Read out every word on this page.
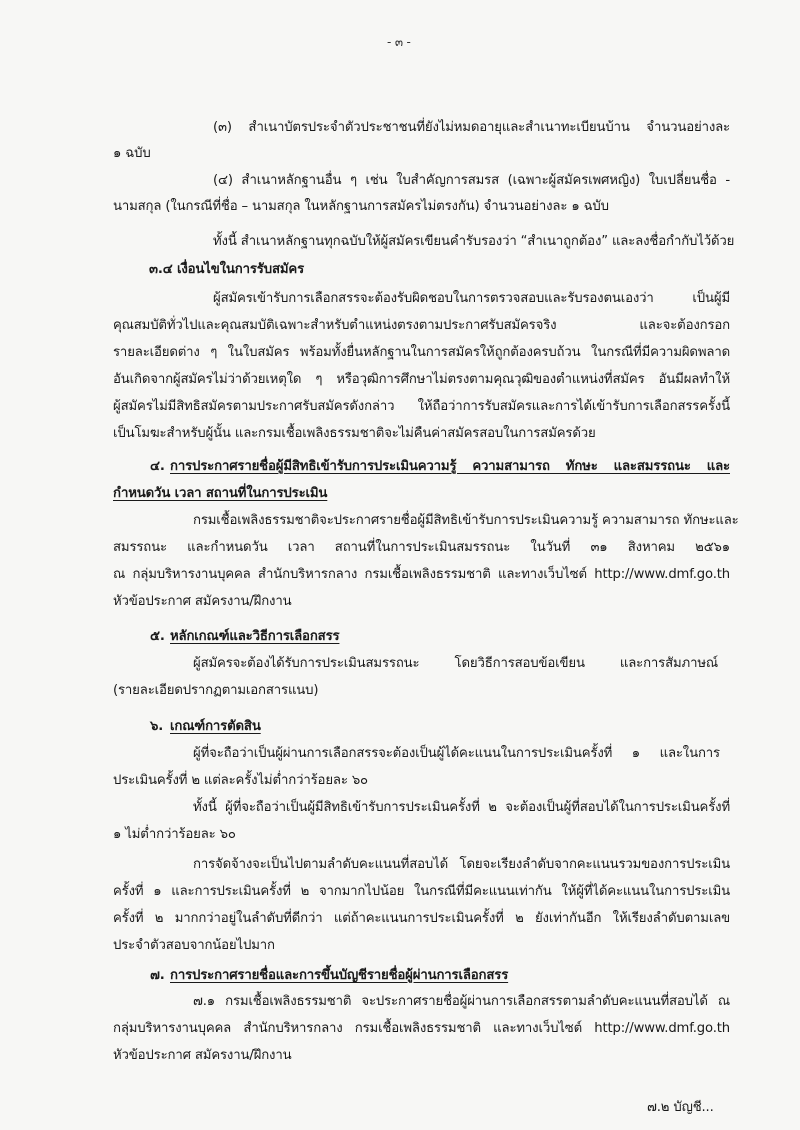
- ๓ -
(๓) สำเนาบัตรประจำตัวประชาชนที่ยังไม่หมดอายุและสำเนาทะเบียนบ้าน จำนวนอย่างละ
๑ ฉบับ
(๔) สำเนาหลักฐานอื่น ๆ เช่น ใบสำคัญการสมรส (เฉพาะผู้สมัครเพศหญิง) ใบเปลี่ยนชื่อ -
นามสกุล (ในกรณีที่ชื่อ – นามสกุล ในหลักฐานการสมัครไม่ตรงกัน) จำนวนอย่างละ ๑ ฉบับ
ทั้งนี้ สำเนาหลักฐานทุกฉบับให้ผู้สมัครเขียนคำรับรองว่า “สำเนาถูกต้อง” และลงชื่อกำกับไว้ด้วย
๓.๔ เงื่อนไขในการรับสมัคร
ผู้สมัครเข้ารับการเลือกสรรจะต้องรับผิดชอบในการตรวจสอบและรับรองตนเองว่า เป็นผู้มี
คุณสมบัติทั่วไปและคุณสมบัติเฉพาะสำหรับตำแหน่งตรงตามประกาศรับสมัครจริง และจะต้องกรอก
รายละเอียดต่าง ๆ ในใบสมัคร พร้อมทั้งยื่นหลักฐานในการสมัครให้ถูกต้องครบถ้วน ในกรณีที่มีความผิดพลาด
อันเกิดจากผู้สมัครไม่ว่าด้วยเหตุใด ๆ หรือวุฒิการศึกษาไม่ตรงตามคุณวุฒิของตำแหน่งที่สมัคร อันมีผลทำให้
ผู้สมัครไม่มีสิทธิสมัครตามประกาศรับสมัครดังกล่าว ให้ถือว่าการรับสมัครและการได้เข้ารับการเลือกสรรครั้งนี้
เป็นโมฆะสำหรับผู้นั้น และกรมเชื้อเพลิงธรรมชาติจะไม่คืนค่าสมัครสอบในการสมัครด้วย
๔. การประกาศรายชื่อผู้มีสิทธิเข้ารับการประเมินความรู้ ความสามารถ ทักษะ และสมรรถนะ และ
กำหนดวัน เวลา สถานที่ในการประเมิน
กรมเชื้อเพลิงธรรมชาติจะประกาศรายชื่อผู้มีสิทธิเข้ารับการประเมินความรู้ ความสามารถ ทักษะและ
สมรรถนะ และกำหนดวัน เวลา สถานที่ในการประเมินสมรรถนะ ในวันที่ ๓๑ สิงหาคม ๒๕๖๑
ณ กลุ่มบริหารงานบุคคล สำนักบริหารกลาง กรมเชื้อเพลิงธรรมชาติ และทางเว็บไซต์ http://www.dmf.go.th
หัวข้อประกาศ สมัครงาน/ฝึกงาน
๕. หลักเกณฑ์และวิธีการเลือกสรร
ผู้สมัครจะต้องได้รับการประเมินสมรรถนะ โดยวิธีการสอบข้อเขียน และการสัมภาษณ์
(รายละเอียดปรากฏตามเอกสารแนบ)
๖. เกณฑ์การตัดสิน
ผู้ที่จะถือว่าเป็นผู้ผ่านการเลือกสรรจะต้องเป็นผู้ได้คะแนนในการประเมินครั้งที่ ๑ และในการ
ประเมินครั้งที่ ๒ แต่ละครั้งไม่ต่ำกว่าร้อยละ ๖๐
ทั้งนี้ ผู้ที่จะถือว่าเป็นผู้มีสิทธิเข้ารับการประเมินครั้งที่ ๒ จะต้องเป็นผู้ที่สอบได้ในการประเมินครั้งที่
๑ ไม่ต่ำกว่าร้อยละ ๖๐
การจัดจ้างจะเป็นไปตามลำดับคะแนนที่สอบได้ โดยจะเรียงลำดับจากคะแนนรวมของการประเมิน
ครั้งที่ ๑ และการประเมินครั้งที่ ๒ จากมากไปน้อย ในกรณีที่มีคะแนนเท่ากัน ให้ผู้ที่ได้คะแนนในการประเมิน
ครั้งที่ ๒ มากกว่าอยู่ในลำดับที่ดีกว่า แต่ถ้าคะแนนการประเมินครั้งที่ ๒ ยังเท่ากันอีก ให้เรียงลำดับตามเลข
ประจำตัวสอบจากน้อยไปมาก
๗. การประกาศรายชื่อและการขึ้นบัญชีรายชื่อผู้ผ่านการเลือกสรร
๗.๑ กรมเชื้อเพลิงธรรมชาติ จะประกาศรายชื่อผู้ผ่านการเลือกสรรตามลำดับคะแนนที่สอบได้ ณ
กลุ่มบริหารงานบุคคล สำนักบริหารกลาง กรมเชื้อเพลิงธรรมชาติ และทางเว็บไซต์ http://www.dmf.go.th
หัวข้อประกาศ สมัครงาน/ฝึกงาน
๗.๒ บัญชี...
